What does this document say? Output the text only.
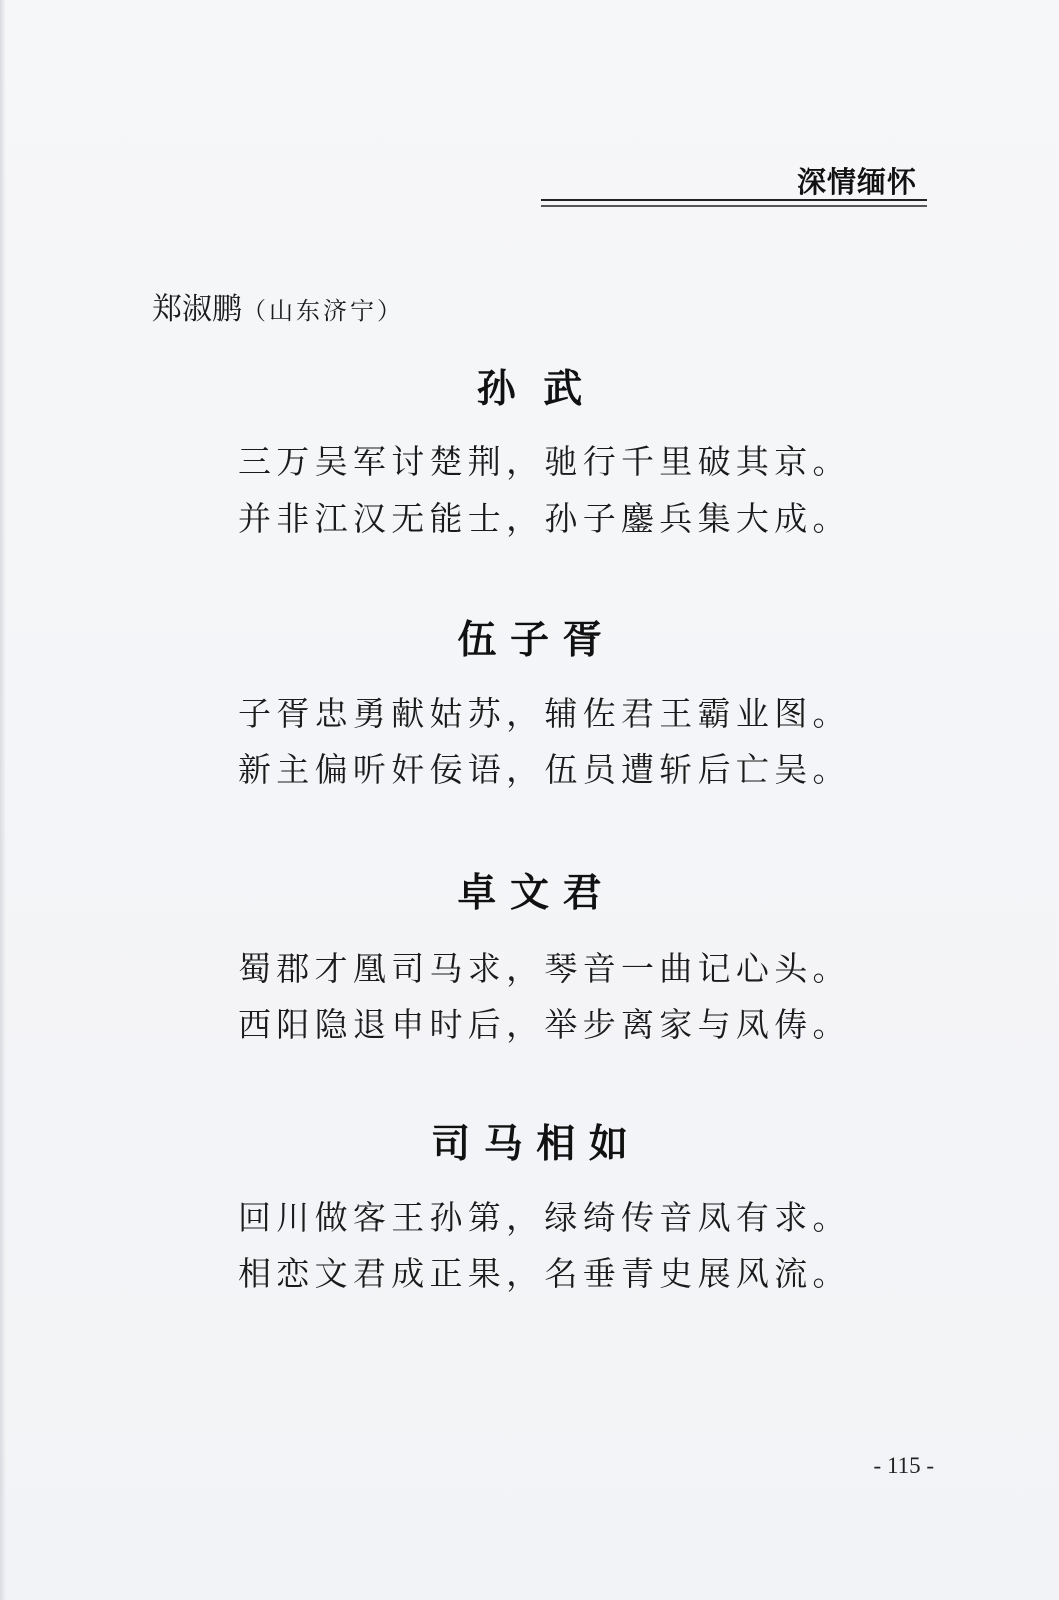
深情缅怀
郑淑鹏（山东济宁）
孙 武
三万吴军讨楚荆，驰行千里破其京。
并非江汉无能士，孙子鏖兵集大成。
伍 子 胥
子胥忠勇献姑苏，辅佐君王霸业图。
新主偏听奸佞语，伍员遭斩后亡吴。
卓 文 君
蜀郡才凰司马求，琴音一曲记心头。
西阳隐退申时后，举步离家与凤俦。
司 马 相 如
回川做客王孙第，绿绮传音凤有求。
相恋文君成正果，名垂青史展风流。
- 115 -
